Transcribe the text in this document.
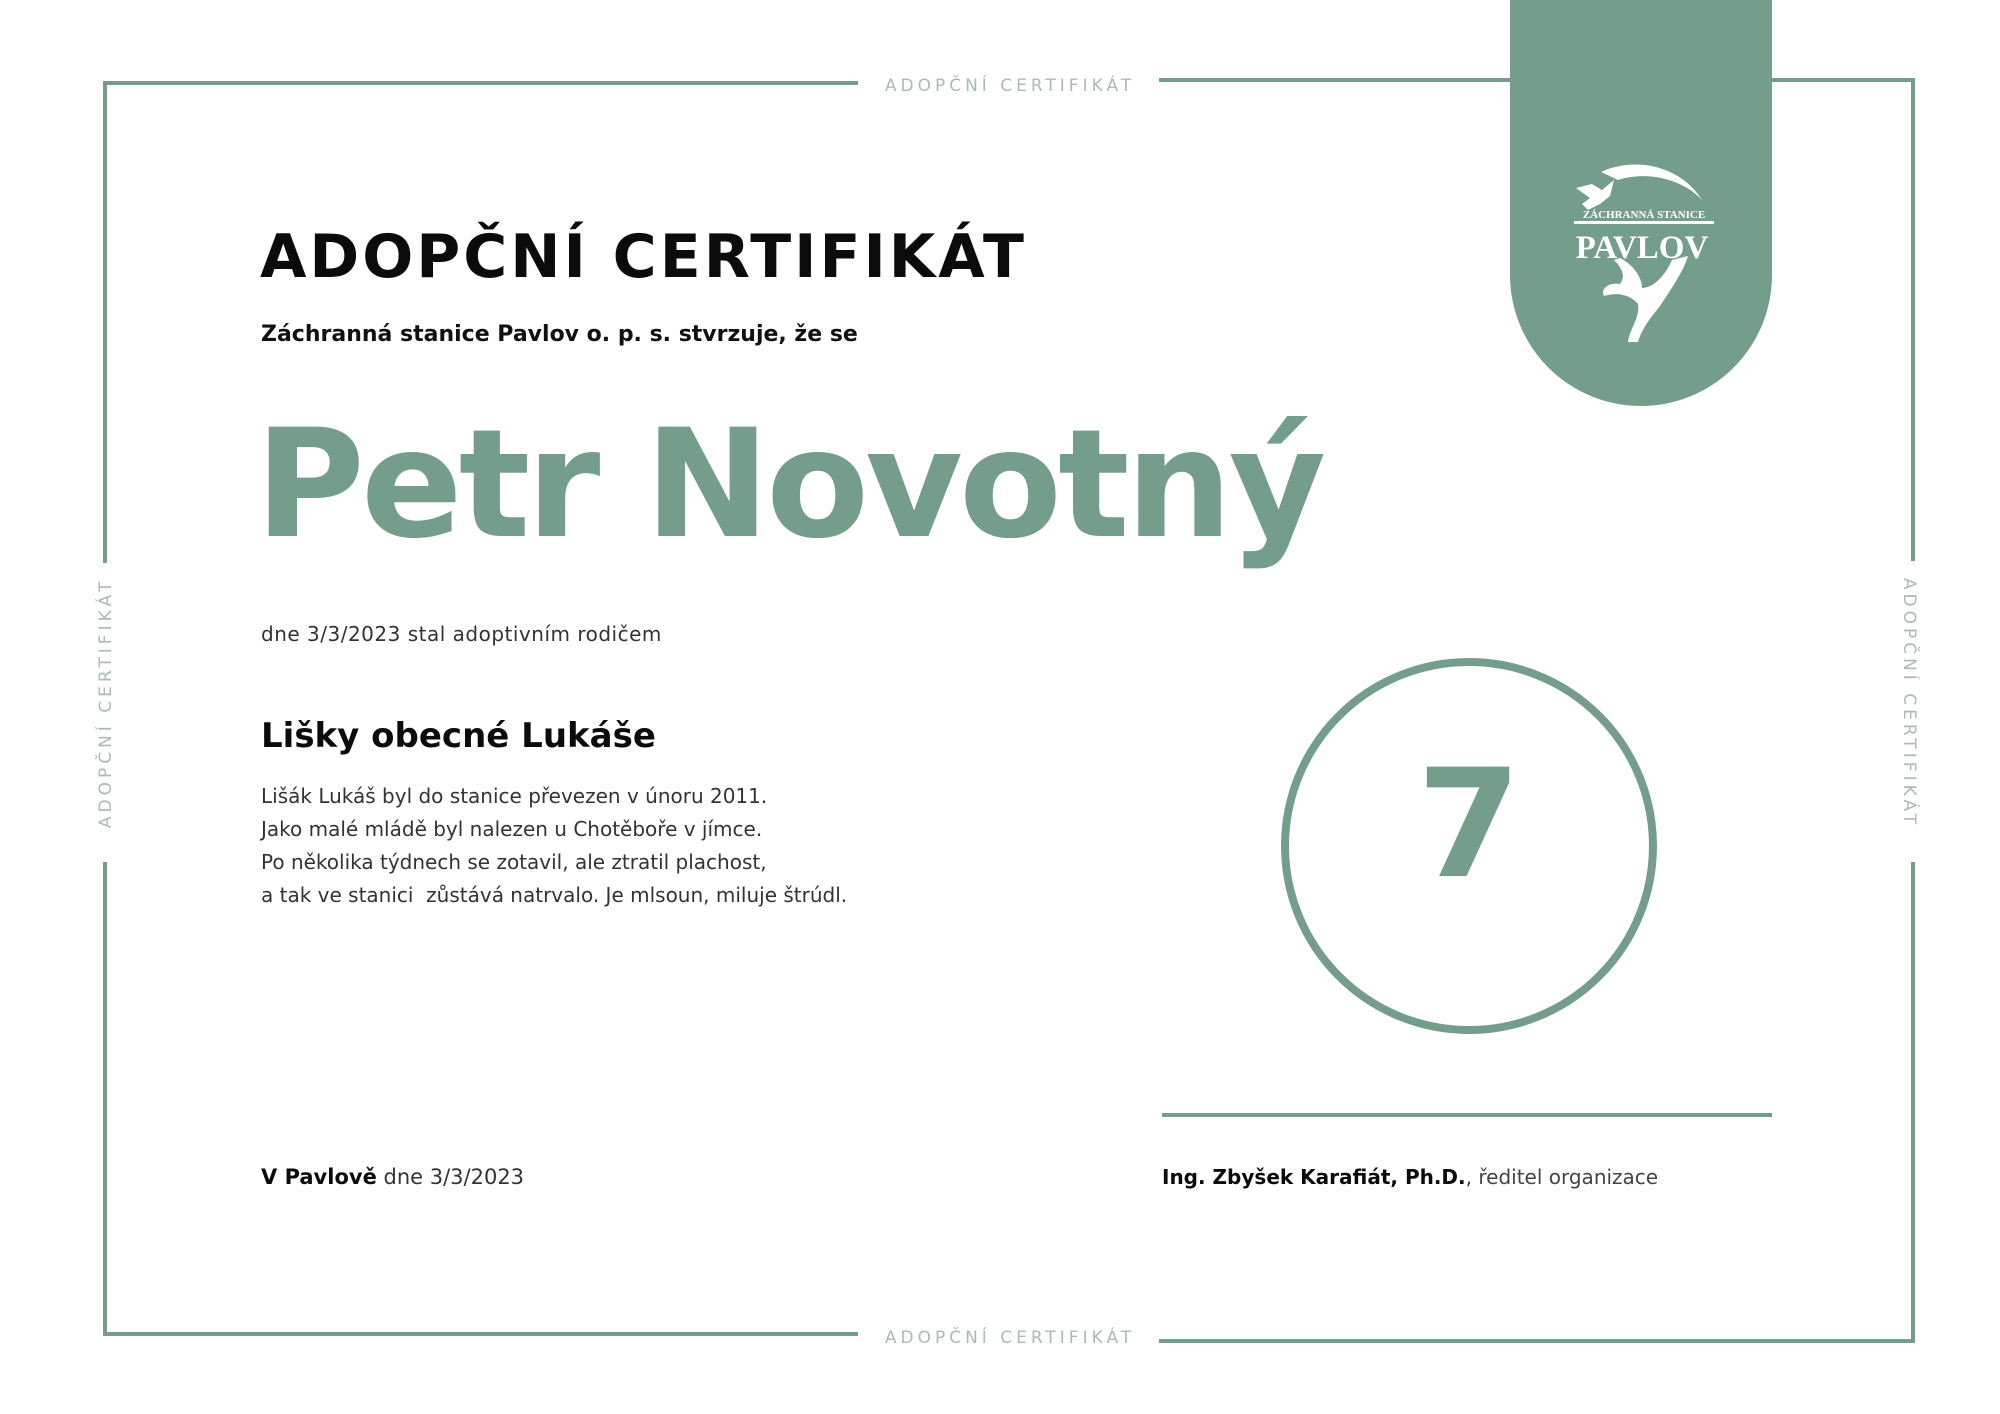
ADOPČNÍ CERTIFIKÁT
ADOPČNÍ CERTIFIKÁT
ADOPČNÍ CERTIFIKÁT	ADOPČNÍ CERTIFIKÁT
ZÁCHRANNÁ STANICE
PAVLOV
ADOPČNÍ CERTIFIKÁT
Záchranná stanice Pavlov o. p. s. stvrzuje, že se
Petr Novotný
dne 3/3/2023 stal adoptivním rodičem
Lišky obecné Lukáše
Lišák Lukáš byl do stanice převezen v únoru 2011.
Jako malé mládě byl nalezen u Chotěboře v jímce.
Po několika týdnech se zotavil, ale ztratil plachost,
a tak ve stanici  zůstává natrvalo. Je mlsoun, miluje štrúdl.	7
V Pavlově dne 3/3/2023	Ing. Zbyšek Karafiát, Ph.D., ředitel organizace
